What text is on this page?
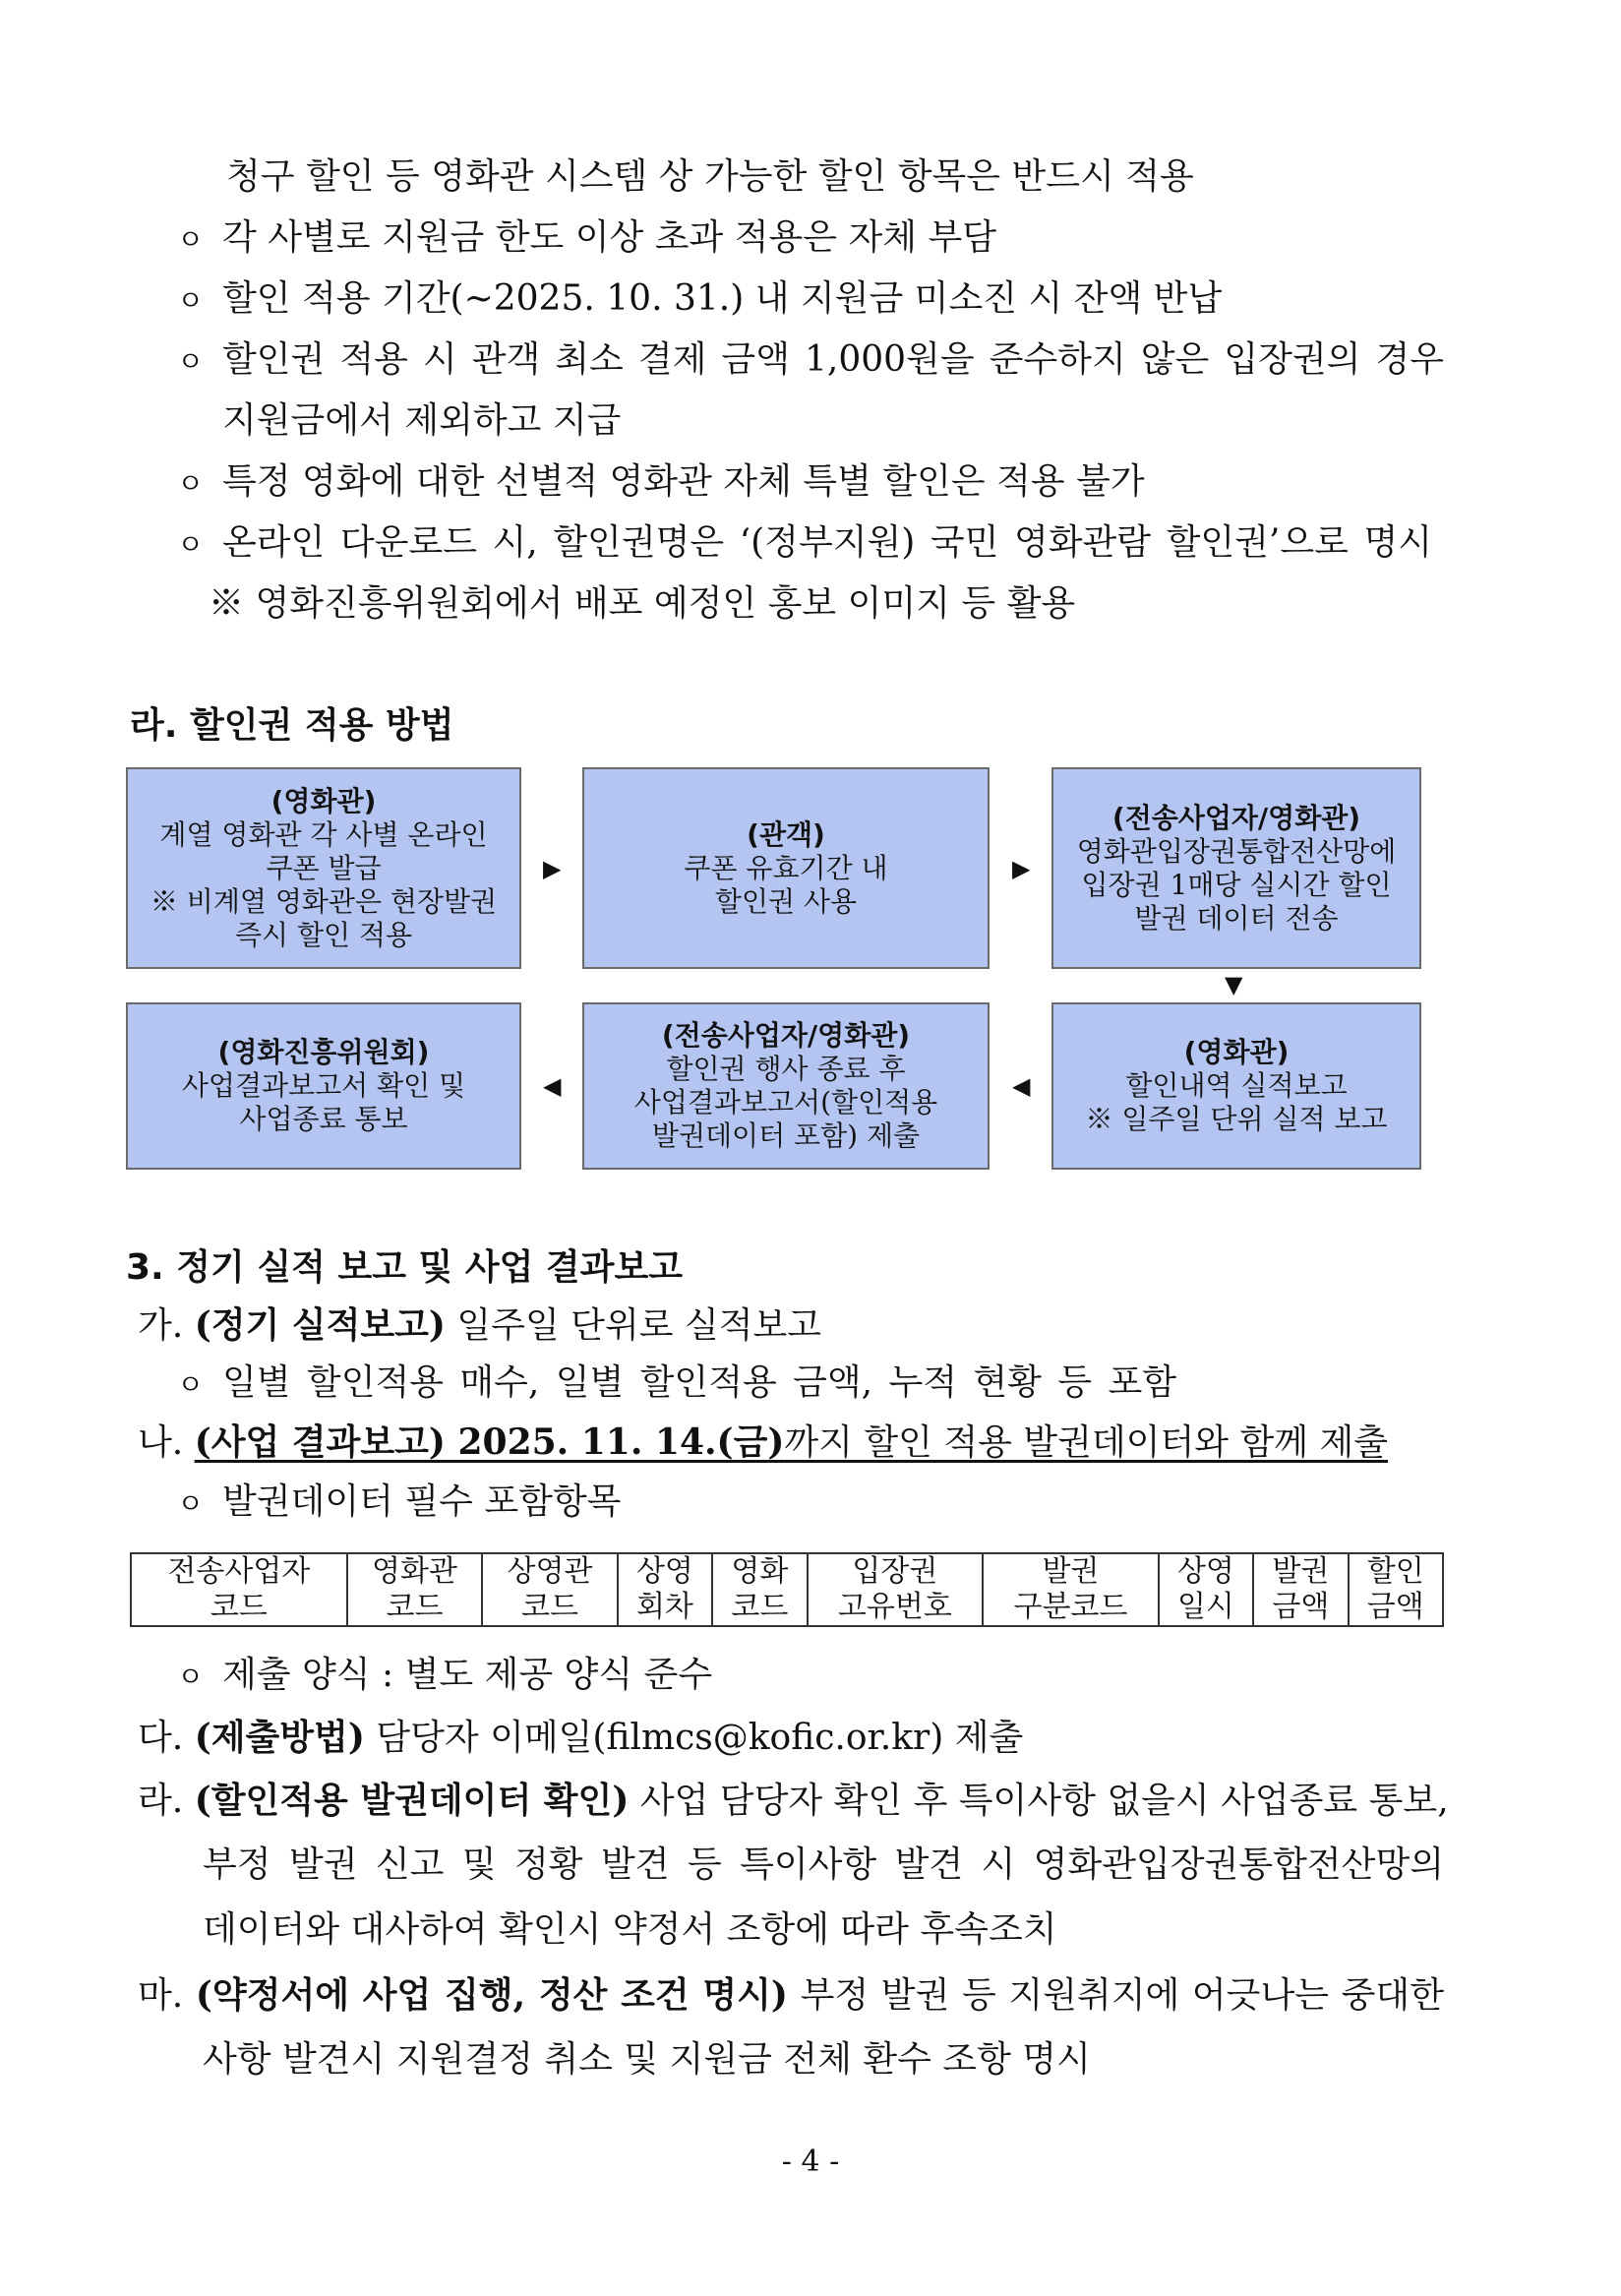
청구 할인 등 영화관 시스템 상 가능한 할인 항목은 반드시 적용

ㅇ 각 사별로 지원금 한도 이상 초과 적용은 자체 부담

ㅇ 할인 적용 기간(~2025. 10. 31.) 내 지원금 미소진 시 잔액 반납

ㅇ 할인권 적용 시 관객 최소 결제 금액 1,000원을 준수하지 않은 입장권의 경우

지원금에서 제외하고 지급

ㅇ 특정 영화에 대한 선별적 영화관 자체 특별 할인은 적용 불가

ㅇ 온라인 다운로드 시, 할인권명은 ‘(정부지원) 국민 영화관람 할인권’으로 명시

※ 영화진흥위원회에서 배포 예정인 홍보 이미지 등 활용

라. 할인권 적용 방법
(영화관)
계열 영화관 각 사별 온라인
쿠폰 발급
※ 비계열 영화관은 현장발권
즉시 할인 적용
▶
(관객)
쿠폰 유효기간 내
할인권 사용
▶
(전송사업자/영화관)
영화관입장권통합전산망에
입장권 1매당 실시간 할인
발권 데이터 전송
▼
(영화진흥위원회)
사업결과보고서 확인 및
사업종료 통보
◀
(전송사업자/영화관)
할인권 행사 종료 후
사업결과보고서(할인적용
발권데이터 포함) 제출
◀
(영화관)
할인내역 실적보고
※ 일주일 단위 실적 보고
3. 정기 실적 보고 및 사업 결과보고

가. (정기 실적보고) 일주일 단위로 실적보고

ㅇ 일별 할인적용 매수, 일별 할인적용 금액, 누적 현황 등 포함

나. (사업 결과보고) 2025. 11. 14.(금)까지 할인 적용 발권데이터와 함께 제출

ㅇ 발권데이터 필수 포함항목

전송사업자
코드

영화관
코드

상영관
코드

상영
회차

영화
코드

입장권
고유번호

발권
구분코드

상영
일시

발권
금액

할인
금액

ㅇ 제출 양식 : 별도 제공 양식 준수

다. (제출방법) 담당자 이메일(filmcs@kofic.or.kr) 제출

라. (할인적용 발권데이터 확인) 사업 담당자 확인 후 특이사항 없을시 사업종료 통보,

부정 발권 신고 및 정황 발견 등 특이사항 발견 시 영화관입장권통합전산망의

데이터와 대사하여 확인시 약정서 조항에 따라 후속조치

마. (약정서에 사업 집행, 정산 조건 명시) 부정 발권 등 지원취지에 어긋나는 중대한

사항 발견시 지원결정 취소 및 지원금 전체 환수 조항 명시

- 4 -
